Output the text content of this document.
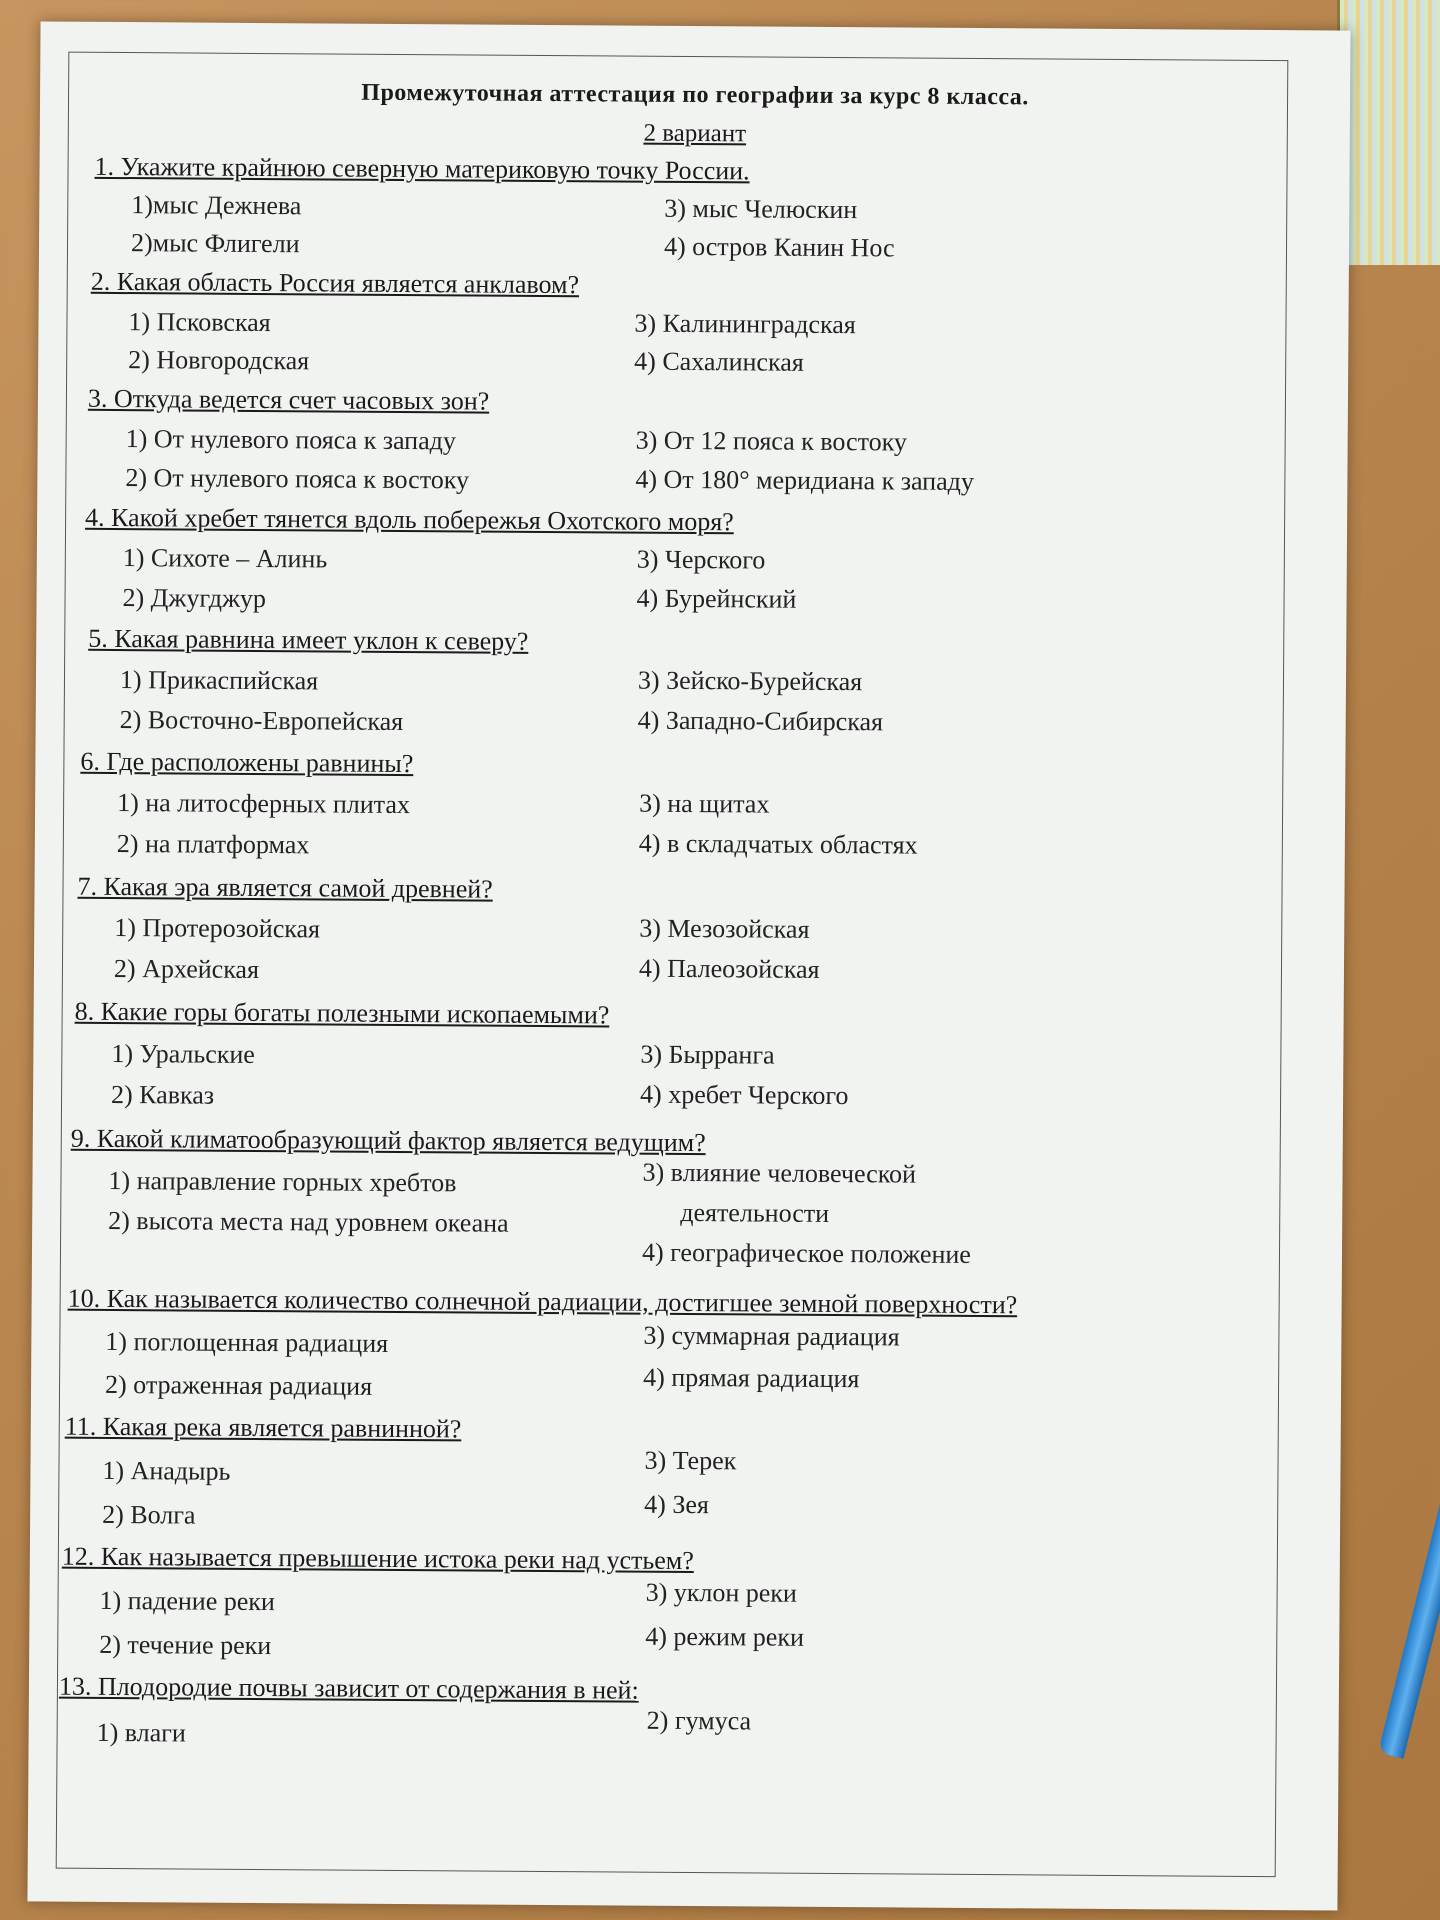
Промежуточная аттестация по географии за курс 8 класса.
2 вариант
1. Укажите крайнюю северную материковую точку России.
1)мыс Дежнева
2)мыс Флигели
3) мыс Челюскин
4) остров Канин Нос
2. Какая область Россия является анклавом?
1) Псковская
2) Новгородская
3) Калининградская
4) Сахалинская
3. Откуда ведется счет часовых зон?
1) От нулевого пояса к западу
2) От нулевого пояса к востоку
3) От 12 пояса к востоку
4) От 180° меридиана к западу
4. Какой хребет тянется вдоль побережья Охотского моря?
1) Сихоте – Алинь
2) Джугджур
3) Черского
4) Бурейнский
5. Какая равнина имеет уклон к северу?
1) Прикаспийская
2) Восточно-Европейская
3) Зейско-Бурейская
4) Западно-Сибирская
6. Где расположены равнины?
1) на литосферных плитах
2) на платформах
3) на щитах
4) в складчатых областях
7. Какая эра является самой древней?
1) Протерозойская
2) Архейская
3) Мезозойская
4) Палеозойская
8. Какие горы богаты полезными ископаемыми?
1) Уральские
2) Кавказ
3) Бырранга
4) хребет Черского
9. Какой климатообразующий фактор является ведущим?
1) направление горных хребтов
2) высота места над уровнем океана
3) влияние человеческой
деятельности
4) географическое положение
10. Как называется количество солнечной радиации, достигшее земной поверхности?
1) поглощенная радиация
2) отраженная радиация
3) суммарная радиация
4) прямая радиация
11. Какая река является равнинной?
1) Анадырь
2) Волга
3) Терек
4) Зея
12. Как называется превышение истока реки над устьем?
1) падение реки
2) течение реки
3) уклон реки
4) режим реки
13. Плодородие почвы зависит от содержания в ней:
1) влаги	2) гумуса
